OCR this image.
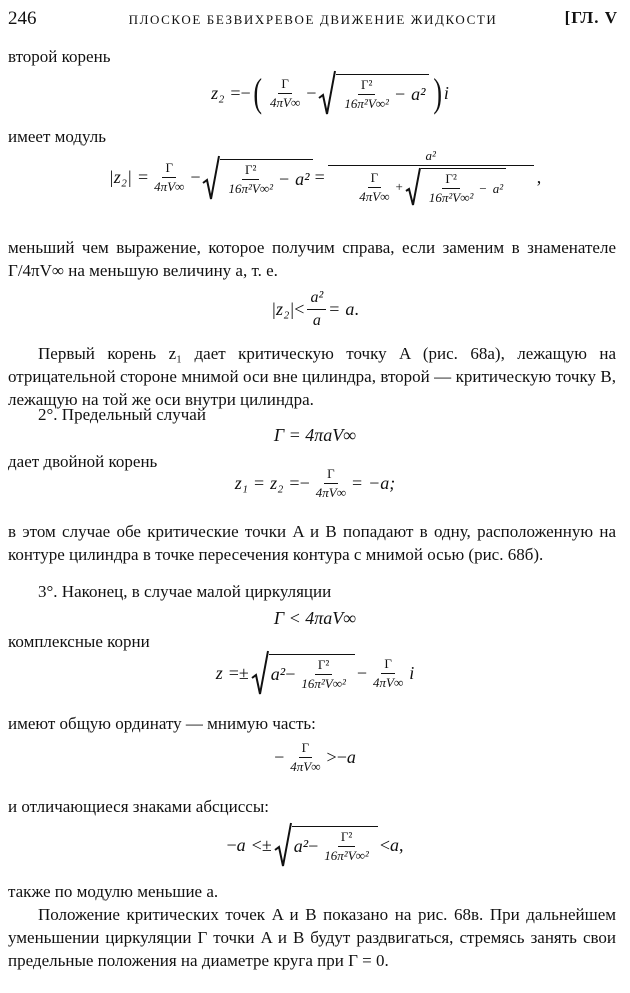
246	ПЛОСКОЕ БЕЗВИХРЕВОЕ ДВИЖЕНИЕ ЖИДКОСТИ	[ГЛ. V

второй корень

z₂ = − ( $\frac{\Gamma}{4\pi V\infty} - \frac{\text{Γ²}}{\text{16π²V∞²}} - a^2$ ) i

имеет модуль

$|z_2| = \frac{\Gamma}{4\pi V\infty} - \frac{\text{Γ²}}{\text{16π²V∞²}} - a^2 = \frac{\text{a²}}{\frac{\Gamma}{4\pi V\infty} + \frac{\text{Γ²}}{\text{16π²V∞²}} - a^2}$ ,

меньший чем выражение, которое получим справа, если заменим в знаменателе Γ/4πV∞ на меньшую величину a, т. е.

$|z_2| < \frac{\text{a²}}{a} = a$ .

Первый корень z₁ дает критическую точку A (рис. 68а), лежащую на отрицательной стороне мнимой оси вне цилиндра, второй — критическую точку B, лежащую на той же оси внутри цилиндра.

2°. Предельный случай

Γ = 4πaV∞

дает двойной корень

z₁ = z₂ = − $\frac{\Gamma}{4\pi V\infty} = -a$;

в этом случае обе критические точки A и B попадают в одну, расположенную на контуре цилиндра в точке пересечения контура с мнимой осью (рис. 68б).

3°. Наконец, в случае малой циркуляции

Γ < 4πaV∞

комплексные корни

z = ± $a^2 - \frac{\text{Γ²}}{\text{16π²V∞²}} - \frac{\Gamma}{4\pi V\infty}$ i

имеют общую ординату — мнимую часть:

− $\frac{\Gamma}{4\pi V\infty}$ > − a

и отличающиеся знаками абсциссы:

− a < ± $a^2 - \frac{\text{Γ²}}{\text{16π²V∞²}} < a$ ,

также по модулю меньшие a.

Положение критических точек A и B показано на рис. 68в. При дальнейшем уменьшении циркуляции Γ точки A и B будут раздвигаться, стремясь занять свои предельные положения на диаметре круга при Γ = 0.
